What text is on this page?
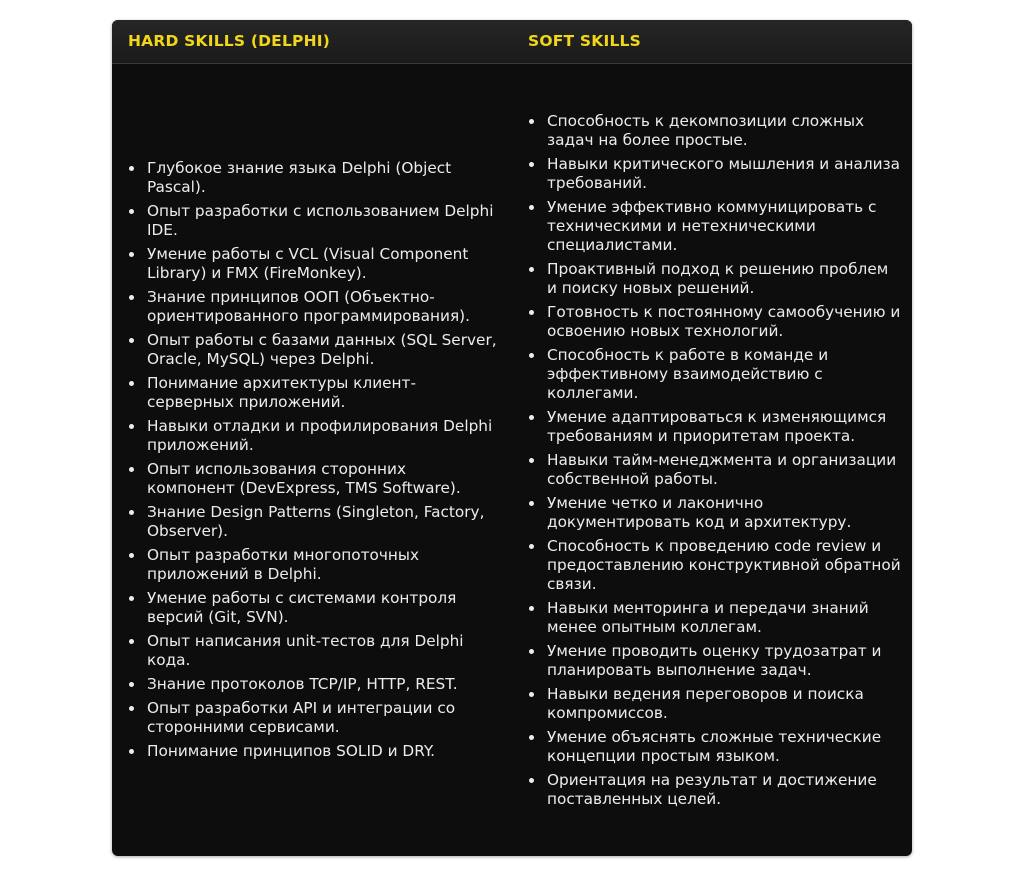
HARD SKILLS (DELPHI)	SOFT SKILLS
Глубокое знание языка Delphi (Object Pascal).
Опыт разработки с использованием Delphi IDE.
Умение работы с VCL (Visual Component Library) и FMX (FireMonkey).
Знание принципов ООП (Объектно-ориентированного программирования).
Опыт работы с базами данных (SQL Server, Oracle, MySQL) через Delphi.
Понимание архитектуры клиент-серверных приложений.
Навыки отладки и профилирования Delphi приложений.
Опыт использования сторонних компонент (DevExpress, TMS Software).
Знание Design Patterns (Singleton, Factory, Observer).
Опыт разработки многопоточных приложений в Delphi.
Умение работы с системами контроля версий (Git, SVN).
Опыт написания unit-тестов для Delphi кода.
Знание протоколов TCP/IP, HTTP, REST.
Опыт разработки API и интеграции со сторонними сервисами.
Понимание принципов SOLID и DRY.
Способность к декомпозиции сложных задач на более простые.
Навыки критического мышления и анализа требований.
Умение эффективно коммуницировать с техническими и нетехническими специалистами.
Проактивный подход к решению проблем и поиску новых решений.
Готовность к постоянному самообучению и освоению новых технологий.
Способность к работе в команде и эффективному взаимодействию с коллегами.
Умение адаптироваться к изменяющимся требованиям и приоритетам проекта.
Навыки тайм-менеджмента и организации собственной работы.
Умение четко и лаконично документировать код и архитектуру.
Способность к проведению code review и предоставлению конструктивной обратной связи.
Навыки менторинга и передачи знаний менее опытным коллегам.
Умение проводить оценку трудозатрат и планировать выполнение задач.
Навыки ведения переговоров и поиска компромиссов.
Умение объяснять сложные технические концепции простым языком.
Ориентация на результат и достижение поставленных целей.
